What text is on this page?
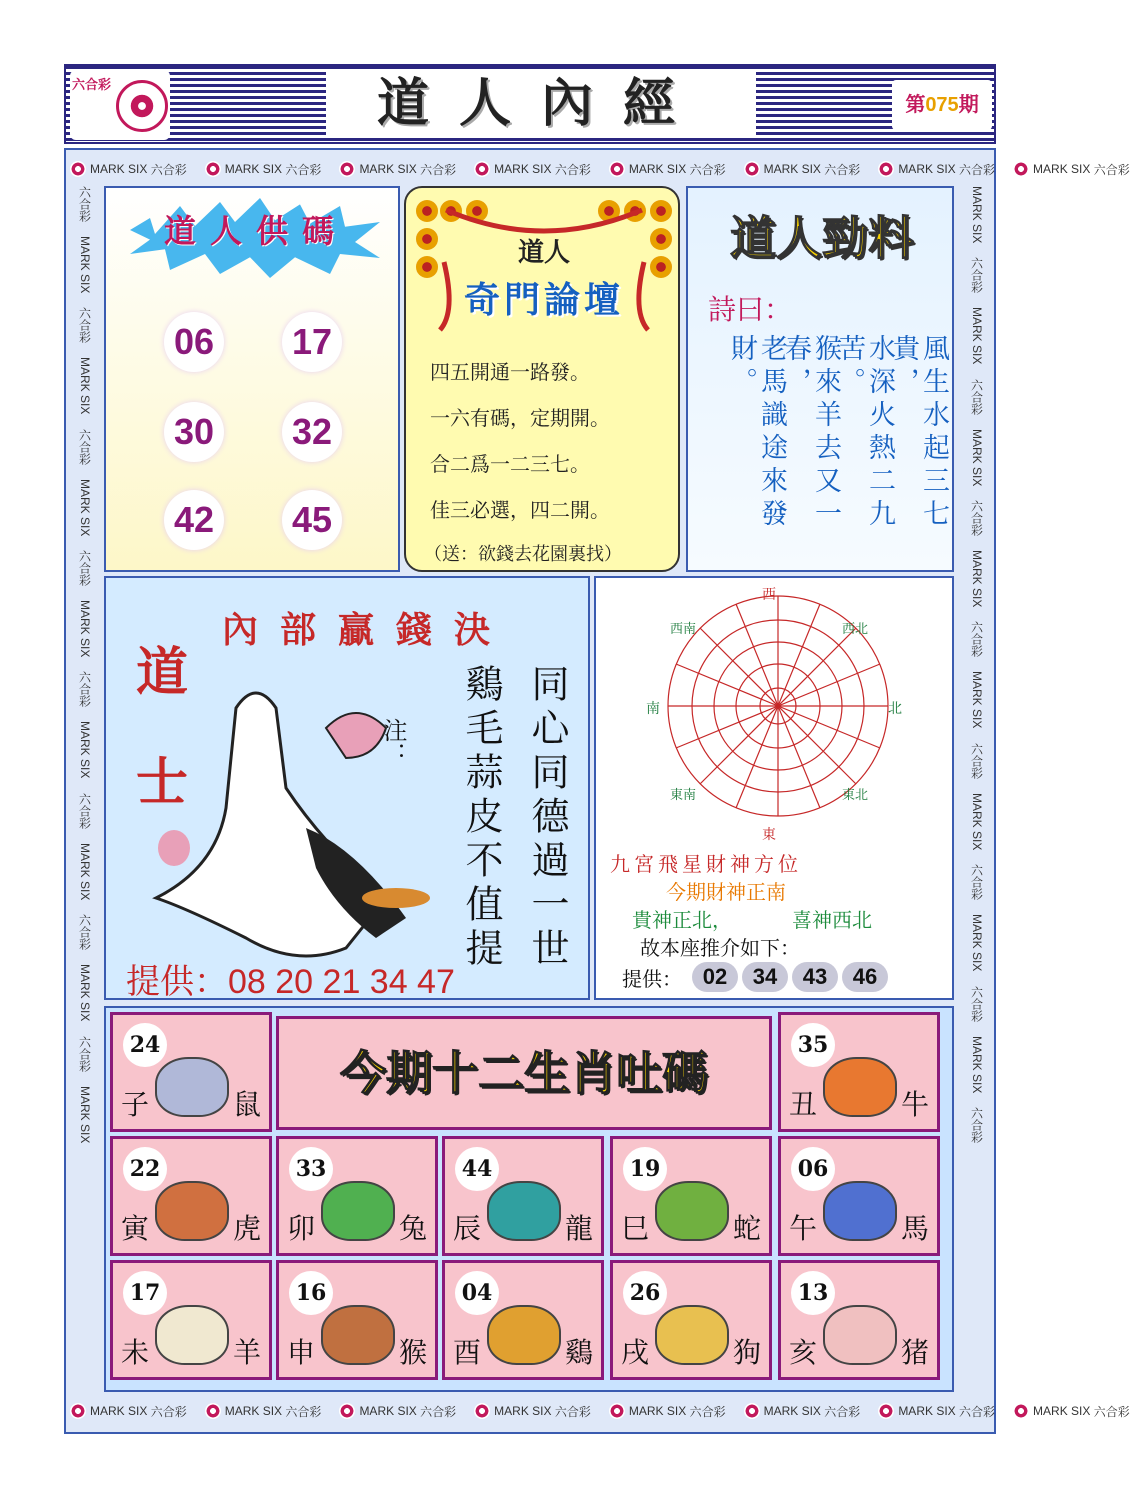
六合彩	道人內經	第075期
MARK SIX
六合彩	MARK SIX
六合彩	MARK SIX
六合彩	MARK SIX
六合彩	MARK SIX
六合彩	MARK SIX
六合彩	MARK SIX
六合彩	MARK SIX
六合彩
MARK SIX
六合彩	MARK SIX
六合彩	MARK SIX
六合彩	MARK SIX
六合彩	MARK SIX
六合彩	MARK SIX
六合彩	MARK SIX
六合彩	MARK SIX
六合彩
六合彩
MARK SIX
六合彩
MARK SIX
六合彩
MARK SIX
六合彩
MARK SIX
六合彩
MARK SIX
六合彩
MARK SIX
六合彩
MARK SIX
六合彩
MARK SIX
MARK SIX
六合彩
MARK SIX
六合彩
MARK SIX
六合彩
MARK SIX
六合彩
MARK SIX
六合彩
MARK SIX
六合彩
MARK SIX
六合彩
MARK SIX
六合彩
道人供碼
06 17
30 32
42 45
道人
奇門論壇
四五開通一路發。
一六有碼，定期開。
合二爲一二三七。
佳三必選，四二開。
（送：欲錢去花園裏找）
道人勁料
詩曰：
風生水起三七貴，
水深火熱二九苦。
猴來羊去又一春，
老馬識途來發財。
內部贏錢決
道士
注：	同心同德過一世
鷄毛蒜皮不值提
提供：08 20 21 34 47
西
東
南	北
西南	西北
東南	東北
九宮飛星財神方位
今期財神正南
貴神正北，	喜神西北
故本座推介如下：
提供： 02	34	43	46
今期十二生肖吐碼
24
子	鼠
35
丑	牛
22
寅	虎
33
卯	兔
44
辰	龍
19
巳	蛇
06
午	馬
17
未	羊
16
申	猴
04
酉	鷄
26
戌	狗
13
亥	猪
